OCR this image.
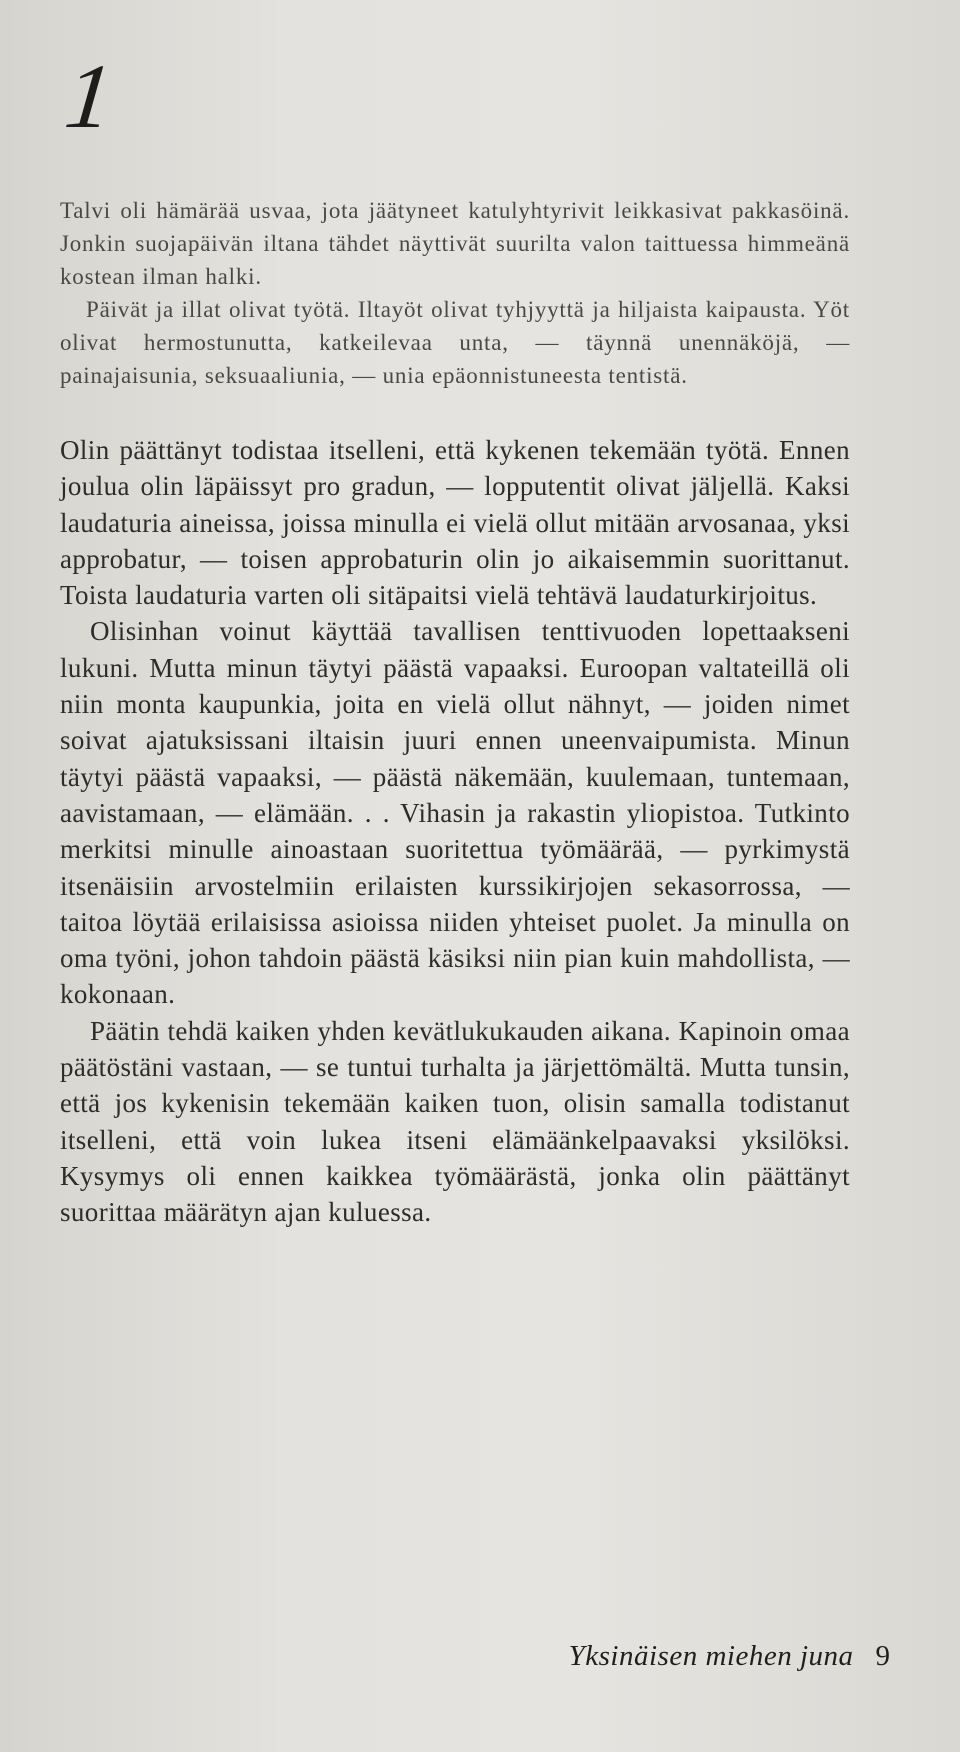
1

Talvi oli hämärää usvaa, jota jäätyneet katulyhtyrivit leikkasivat pakkasöinä. Jonkin suojapäivän iltana tähdet näyttivät suurilta valon taittuessa himmeänä kostean ilman halki.

Päivät ja illat olivat työtä. Iltayöt olivat tyhjyyttä ja hiljaista kaipausta. Yöt olivat hermostunutta, katkeilevaa unta, — täynnä unennäköjä, — painajaisunia, seksuaaliunia, — unia epäonnistuneesta tentistä.

Olin päättänyt todistaa itselleni, että kykenen tekemään työtä. Ennen joulua olin läpäissyt pro gradun, — lopputentit olivat jäljellä. Kaksi laudaturia aineissa, joissa minulla ei vielä ollut mitään arvosanaa, yksi approbatur, — toisen approbaturin olin jo aikaisemmin suorittanut. Toista laudaturia varten oli sitäpaitsi vielä tehtävä laudaturkirjoitus.

Olisinhan voinut käyttää tavallisen tenttivuoden lopettaakseni lukuni. Mutta minun täytyi päästä vapaaksi. Euroopan valtateillä oli niin monta kaupunkia, joita en vielä ollut nähnyt, — joiden nimet soivat ajatuksissani iltaisin juuri ennen uneenvaipumista. Minun täytyi päästä vapaaksi, — päästä näkemään, kuulemaan, tuntemaan, aavistamaan, — elämään. . . Vihasin ja rakastin yliopistoa. Tutkinto merkitsi minulle ainoastaan suoritettua työmäärää, — pyrkimystä itsenäisiin arvostelmiin erilaisten kurssikirjojen sekasorrossa, — taitoa löytää erilaisissa asioissa niiden yhteiset puolet. Ja minulla on oma työni, johon tahdoin päästä käsiksi niin pian kuin mahdollista, — kokonaan.

Päätin tehdä kaiken yhden kevätlukukauden aikana. Kapinoin omaa päätöstäni vastaan, — se tuntui turhalta ja järjettömältä. Mutta tunsin, että jos kykenisin tekemään kaiken tuon, olisin samalla todistanut itselleni, että voin lukea itseni elämäänkelpaavaksi yksilöksi. Kysymys oli ennen kaikkea työmäärästä, jonka olin päättänyt suorittaa määrätyn ajan kuluessa.

Yksinäisen miehen juna 9
